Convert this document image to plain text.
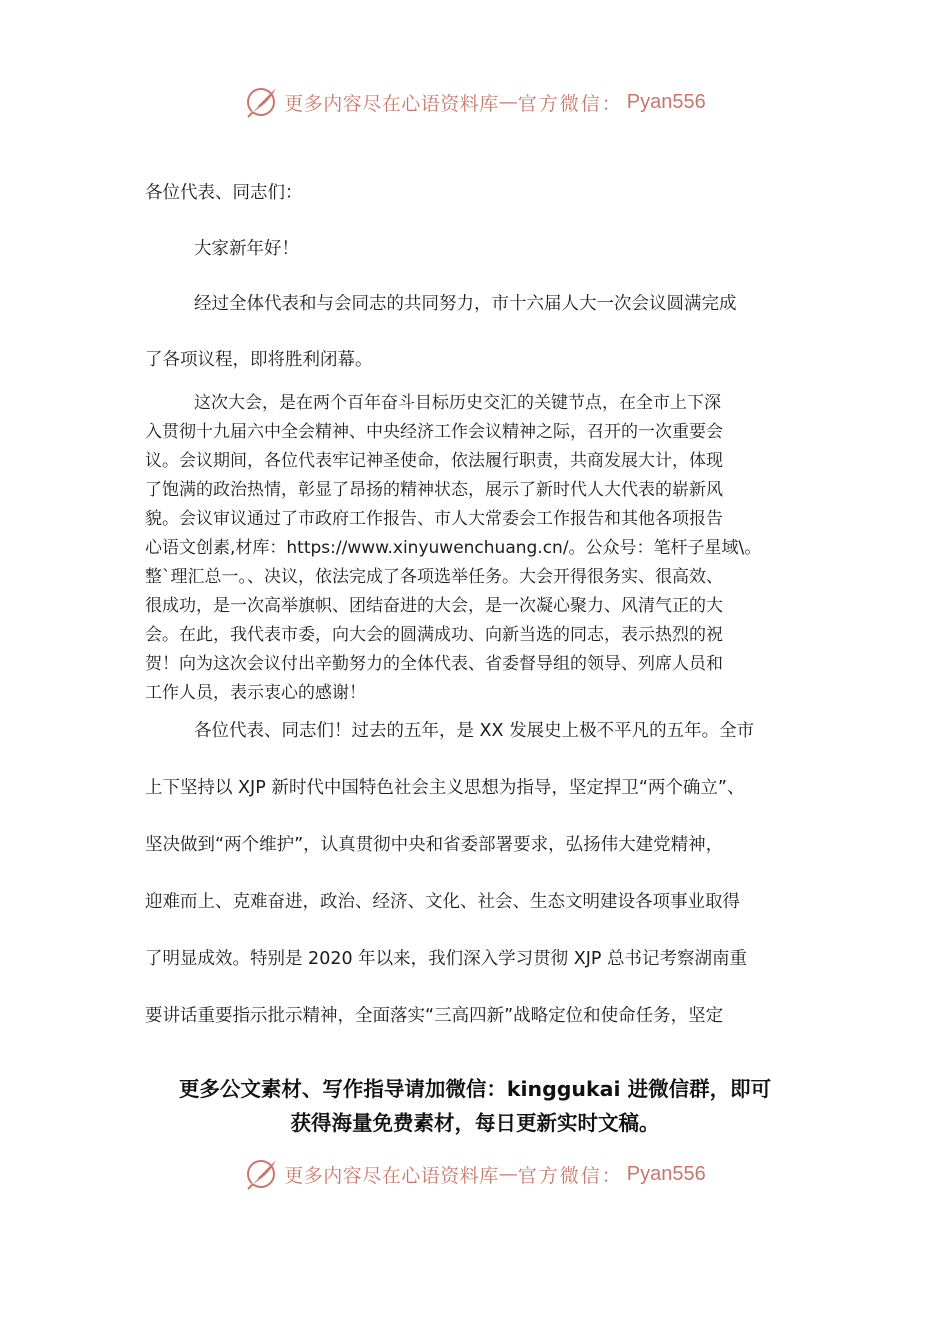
更多内容尽在心语资料库 — 官方微信： Pyan556
各位代表、同志们：
大家新年好！
经过全体代表和与会同志的共同努力，市十六届人大一次会议圆满完成
了各项议程，即将胜利闭幕。
这次大会，是在两个百年奋斗目标历史交汇的关键节点，在全市上下深
入贯彻十九届六中全会精神、中央经济工作会议精神之际，召开的一次重要会
议。会议期间，各位代表牢记神圣使命，依法履行职责，共商发展大计，体现
了饱满的政治热情，彰显了昂扬的精神状态，展示了新时代人大代表的崭新风
貌。会议审议通过了市政府工作报告、市人大常委会工作报告和其他各项报告
心语文创素,材库：https://www.xinyuwenchuang.cn/。公众号：笔杆子星域\。
整`理汇总一。、决议，依法完成了各项选举任务。大会开得很务实、很高效、
很成功，是一次高举旗帜、团结奋进的大会，是一次凝心聚力、风清气正的大
会。在此，我代表市委，向大会的圆满成功、向新当选的同志，表示热烈的祝
贺！向为这次会议付出辛勤努力的全体代表、省委督导组的领导、列席人员和
工作人员，表示衷心的感谢！
各位代表、同志们！过去的五年，是 XX 发展史上极不平凡的五年。全市
上下坚持以 XJP 新时代中国特色社会主义思想为指导，坚定捍卫“两个确立”、
坚决做到“两个维护”，认真贯彻中央和省委部署要求，弘扬伟大建党精神，
迎难而上、克难奋进，政治、经济、文化、社会、生态文明建设各项事业取得
了明显成效。特别是 2020 年以来，我们深入学习贯彻 XJP 总书记考察湖南重
要讲话重要指示批示精神，全面落实“三高四新”战略定位和使命任务，坚定
更多公文素材、写作指导请加微信：kinggukai 进微信群，即可
获得海量免费素材，每日更新实时文稿。
更多内容尽在心语资料库 — 官方微信： Pyan556
